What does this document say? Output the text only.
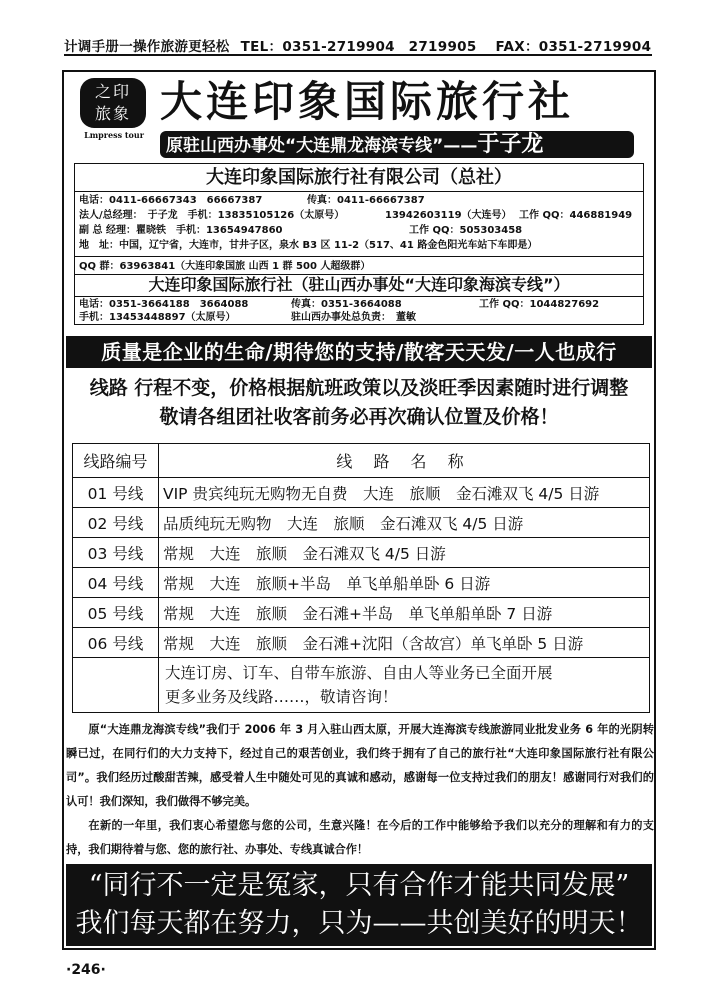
计调手册一操作旅游更轻松 TEL：0351-2719904　2719905 FAX：0351-2719904
之印
旅象
Lmpress tour
大连印象国际旅行社
原驻山西办事处“大连鼎龙海滨专线”——于子龙
大连印象国际旅行社有限公司（总社）
电话：0411-66667343　66667387	传真：0411-66667387
法人/总经理：　于子龙　手机：13835105126（太原号）	13942603119（大连号） 工作 QQ：446881949
副 总 经理：瞿晓铁　手机：13654947860	工作 QQ：505303458
地　址：中国，辽宁省，大连市，甘井子区，泉水 B3 区 11-2（517、41 路金色阳光车站下车即是）
QQ 群：63963841（大连印象国旅 山西 1 群 500 人超级群）
大连印象国际旅行社（驻山西办事处“大连印象海滨专线”）
电话：0351-3664188　3664088	传真：0351-3664088	工作 QQ：1044827692
手机：13453448897（太原号）	驻山西办事处总负责：　董敏
质量是企业的生命/期待您的支持/散客天天发/一人也成行
线路 行程不变，价格根据航班政策以及淡旺季因素随时进行调整
敬请各组团社收客前务必再次确认位置及价格！
线路编号	线 路 名 称
01 号线	VIP 贵宾纯玩无购物无自费　大连　旅顺　金石滩双飞 4/5 日游
02 号线	品质纯玩无购物　大连　旅顺　金石滩双飞 4/5 日游
03 号线	常规　大连　旅顺　金石滩双飞 4/5 日游
04 号线	常规　大连　旅顺+半岛　单飞单船单卧 6 日游
05 号线	常规　大连　旅顺　金石滩+半岛　单飞单船单卧 7 日游
06 号线	常规　大连　旅顺　金石滩+沈阳（含故宫）单飞单卧 5 日游

	大连订房、订车、自带车旅游、自由人等业务已全面开展
更多业务及线路……，敬请咨询！
原“大连鼎龙海滨专线”我们于 2006 年 3 月入驻山西太原，开展大连海滨专线旅游同业批发业务 6 年的光阴转瞬已过，在同行们的大力支持下，经过自己的艰苦创业，我们终于拥有了自己的旅行社“大连印象国际旅行社有限公司”。我们经历过酸甜苦辣，感受着人生中随处可见的真诚和感动，感谢每一位支持过我们的朋友！感谢同行对我们的认可！我们深知，我们做得不够完美。
在新的一年里，我们衷心希望您与您的公司，生意兴隆！在今后的工作中能够给予我们以充分的理解和有力的支持，我们期待着与您、您的旅行社、办事处、专线真诚合作！
“同行不一定是冤家，只有合作才能共同发展”
我们每天都在努力，只为——共创美好的明天！
·246·
